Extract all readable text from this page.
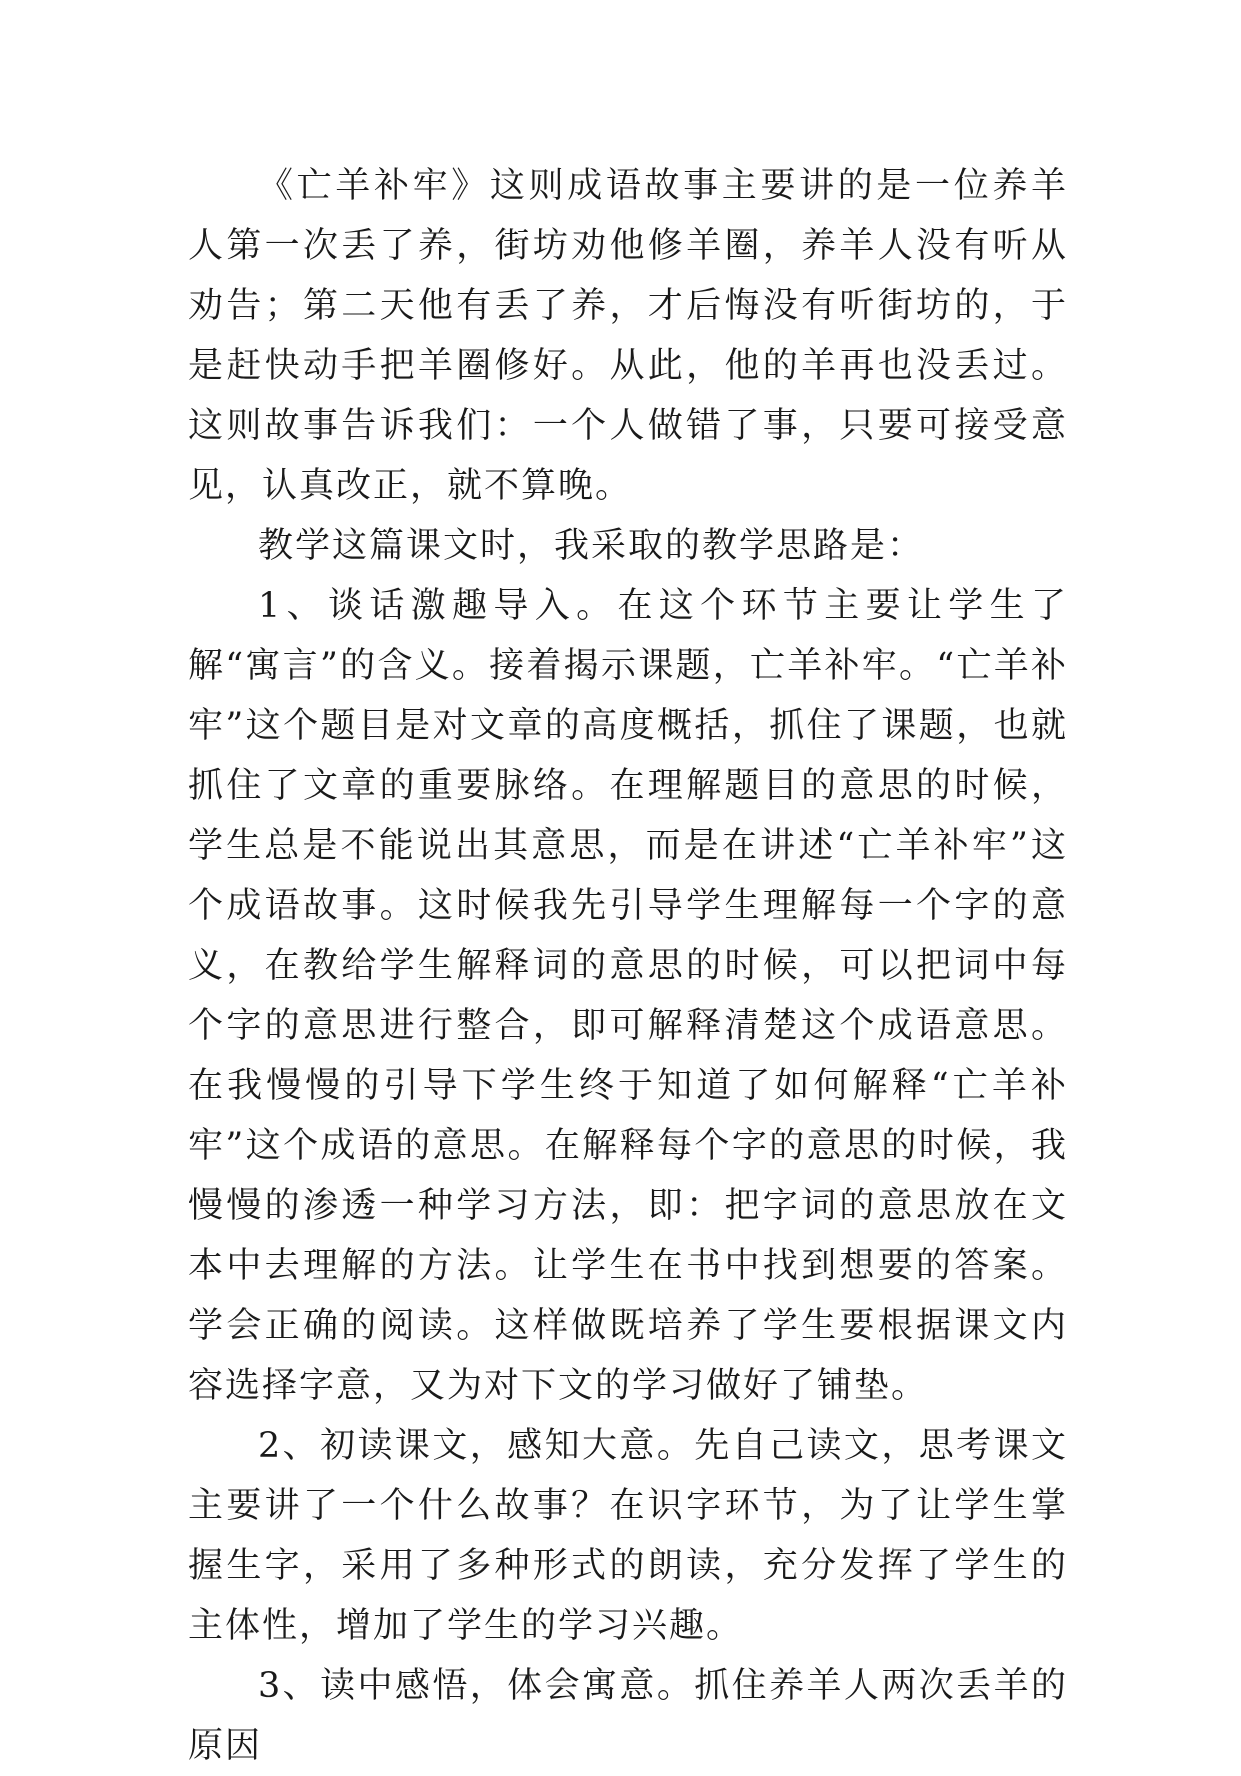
《亡羊补牢》这则成语故事主要讲的是一位养羊人第一次丢了养，街坊劝他修羊圈，养羊人没有听从劝告；第二天他有丢了养，才后悔没有听街坊的，于是赶快动手把羊圈修好。从此，他的羊再也没丢过。这则故事告诉我们：一个人做错了事，只要可接受意见，认真改正，就不算晚。

教学这篇课文时，我采取的教学思路是：

1、谈话激趣导入。在这个环节主要让学生了解“寓言”的含义。接着揭示课题，亡羊补牢。“亡羊补牢”这个题目是对文章的高度概括，抓住了课题，也就抓住了文章的重要脉络。在理解题目的意思的时候，学生总是不能说出其意思，而是在讲述“亡羊补牢”这个成语故事。这时候我先引导学生理解每一个字的意义，在教给学生解释词的意思的时候，可以把词中每个字的意思进行整合，即可解释清楚这个成语意思。在我慢慢的引导下学生终于知道了如何解释“亡羊补牢”这个成语的意思。在解释每个字的意思的时候，我慢慢的渗透一种学习方法，即：把字词的意思放在文本中去理解的方法。让学生在书中找到想要的答案。学会正确的阅读。这样做既培养了学生要根据课文内容选择字意，又为对下文的学习做好了铺垫。

2、初读课文，感知大意。先自己读文，思考课文主要讲了一个什么故事？在识字环节，为了让学生掌握生字，采用了多种形式的朗读，充分发挥了学生的主体性，增加了学生的学习兴趣。

3、读中感悟，体会寓意。抓住养羊人两次丢羊的原因
